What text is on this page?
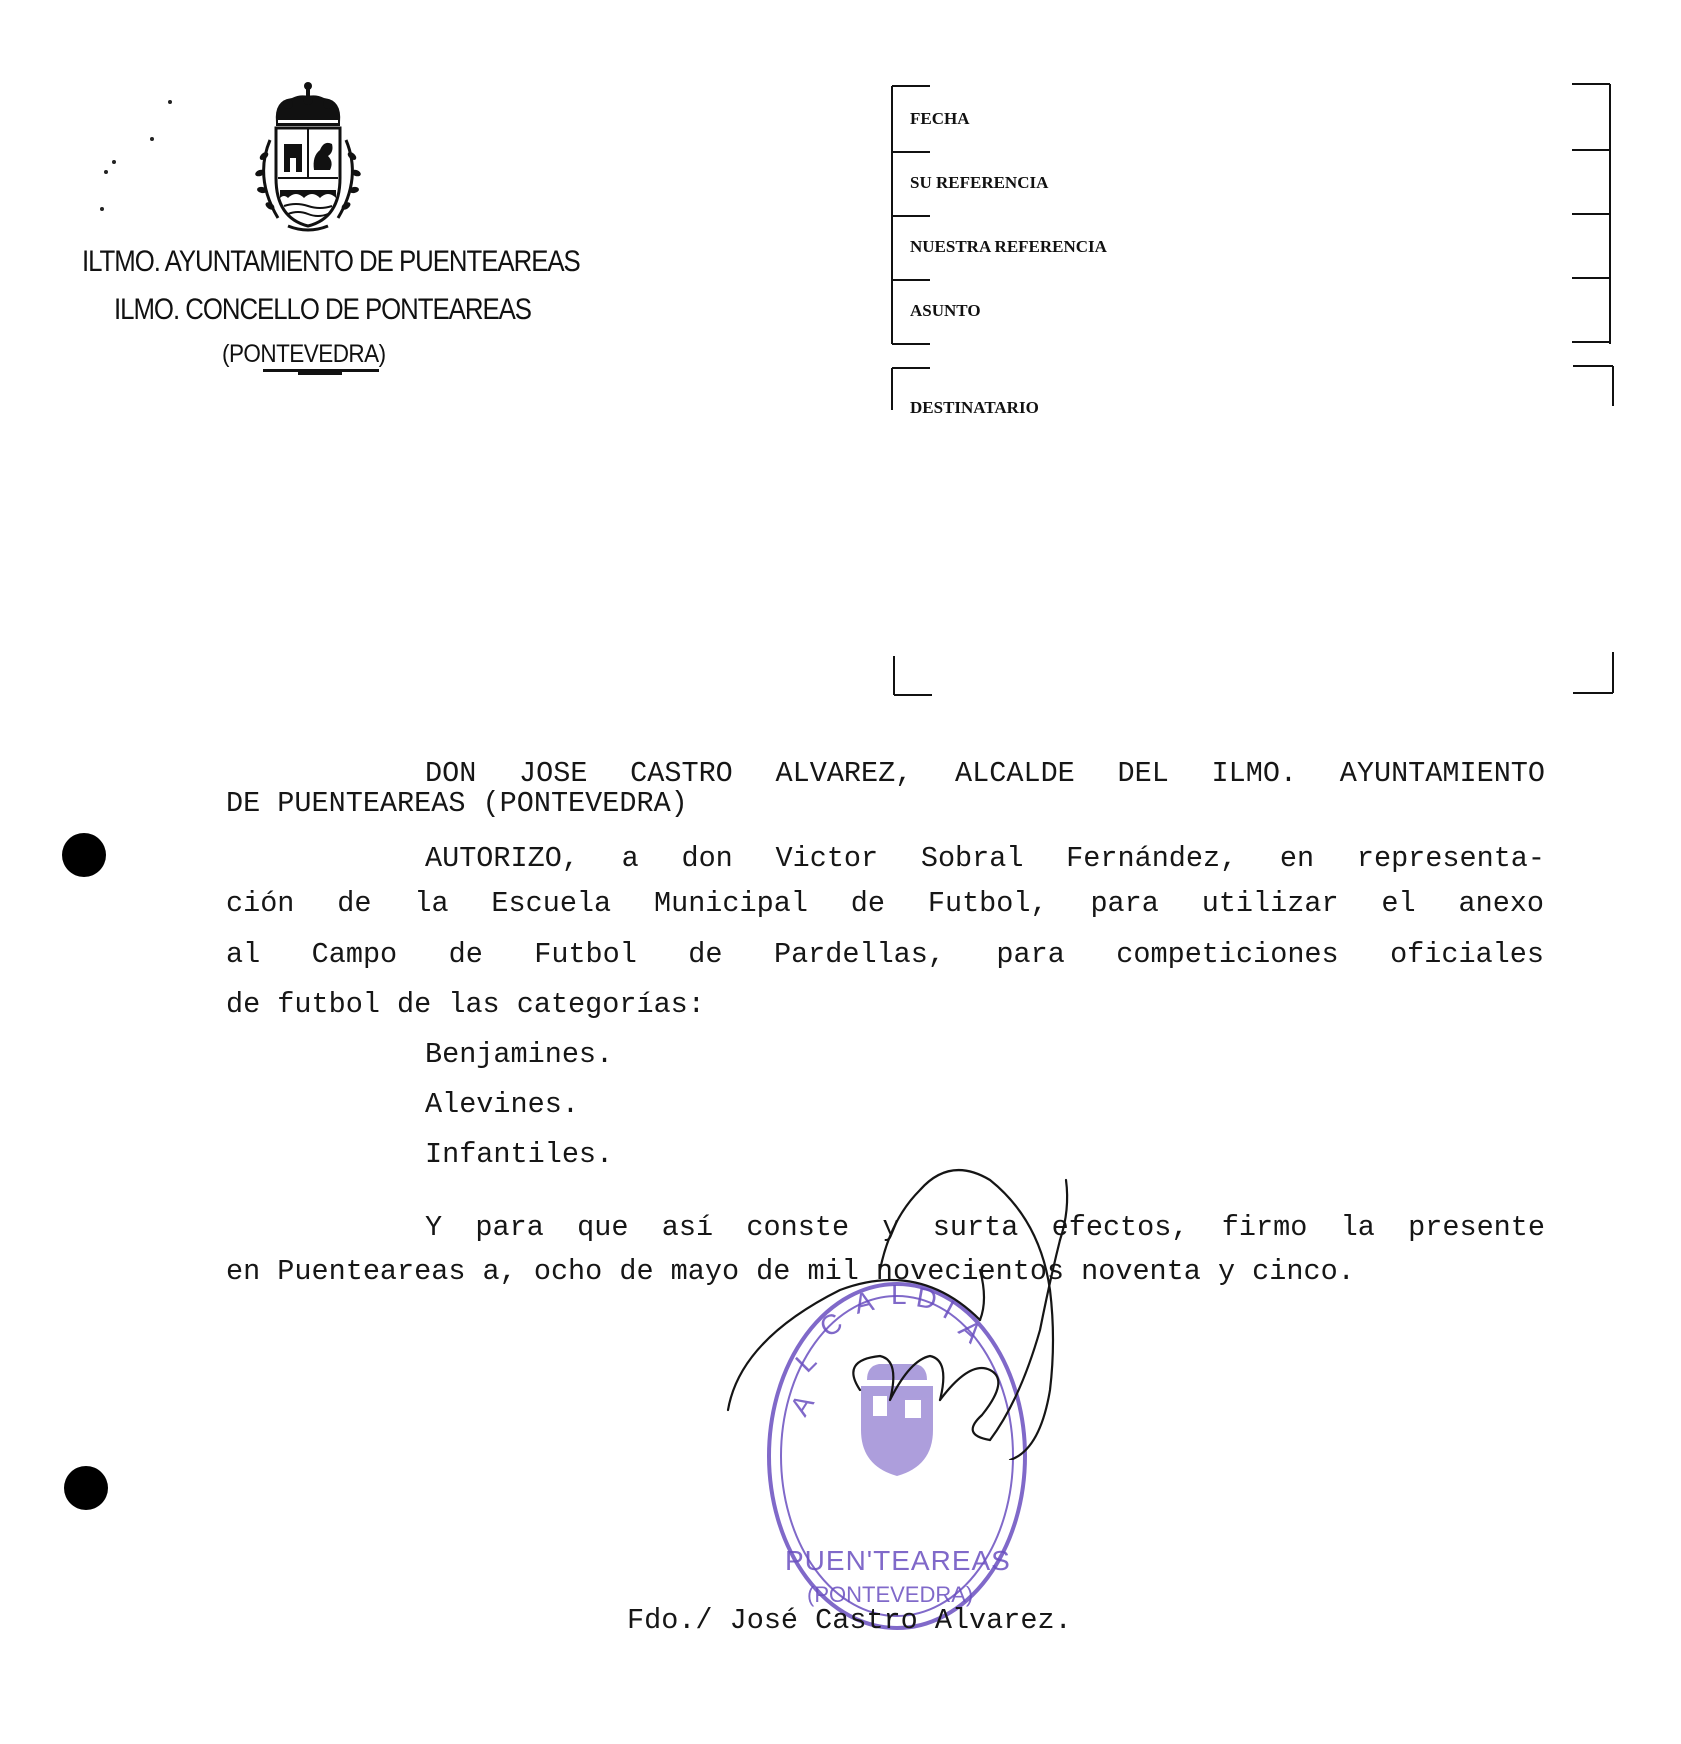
ILTMO. AYUNTAMIENTO DE PUENTEAREAS
ILMO. CONCELLO DE PONTEAREAS
(PONTEVEDRA)
FECHA
SU REFERENCIA
NUESTRA REFERENCIA
ASUNTO
DESTINATARIO
DON JOSE CASTRO ALVAREZ, ALCALDE DEL ILMO. AYUNTAMIENTO
DE PUENTEAREAS (PONTEVEDRA)
AUTORIZO, a don Victor Sobral Fernández, en representa-
ción de la Escuela Municipal de Futbol, para utilizar el anexo
al Campo de Futbol de Pardellas, para competiciones oficiales
de futbol de las categorías:
Benjamines.
Alevines.
Infantiles.
Y para que así conste y surta efectos, firmo la presente
en Puenteareas a, ocho de mayo de mil novecientos noventa y cinco.
A
L
C
A L D
I
A
PUEN'TEAREAS
(PONTEVEDRA)
Fdo./ José Castro Alvarez.
